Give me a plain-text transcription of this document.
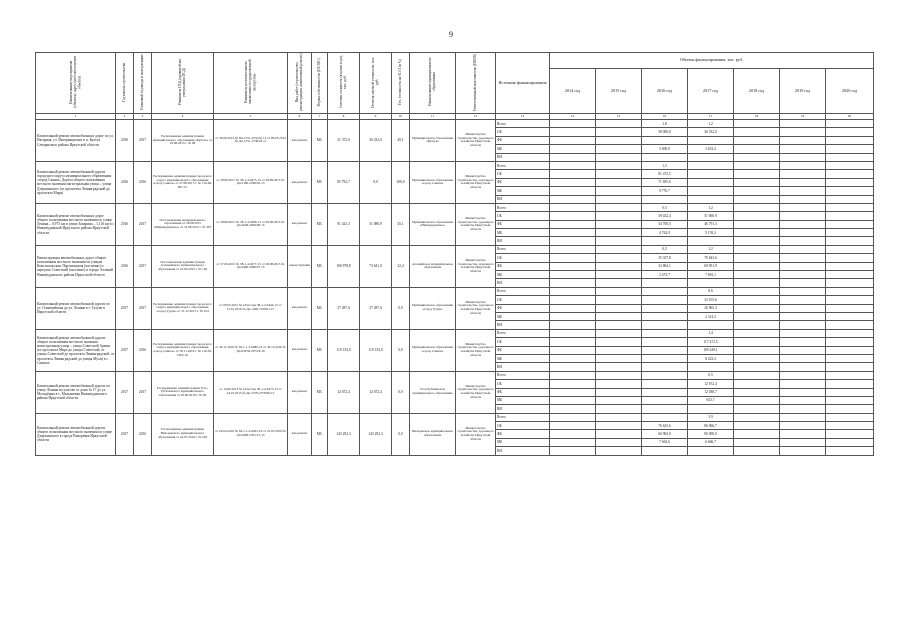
9
Наименование мероприятия (объекта), адрес (местоположение объекта)	Год начала строительства	Плановый год ввода в эксплуатацию	Реквизиты ПСД (правовой акт утверждения ПСД)	Реквизиты положительного заключения государственной экспертизы	Вид работ (строительство, реконструкция, капитальный ремонт)	Форма собственности (ОС/МС)	Сметная стоимость (в ценах года), тыс. руб.	Остаток сметной стоимости, тыс. руб.	Тех. готовность на 01.01 (в %)	Наименование муниципального образования	Ответственный исполнитель (ИОГВ)	Источник финансирования	Объемы финансирования, тыс. руб.						
													2014 год	2015 год	2016 год	2017 год	2018 год	2019 год	2020 год
1	2	3	4	5	6	7	8	9	10	11	12	13	14	15	16	17	18	19	20
Капитальный ремонт автомобильных дорог по ул. Нагорная, ул. Интернационал в п. Култук Слюдянского района Иркутской области	2016	2017	Распоряжение администрации муниципального образования «Култук» от 03.08.2015 г. № 68	от 30.06.2014 № Пп-1551-455(19) 14 от 09.05.2014 № Дп-1551-1530/02 от	кап.ремонт	МС	31 372,0	36 332,0	49,1	Муниципальное образование «Култук»	Министерство строительства, дорожного хозяйства Иркутской области	Всего			1,8	1,2			
												ОБ			38 000,0	36 332,0			
												ФБ							
												МБ			5 600,0	3 633,2			
												ВИ							
Капитальный ремонт автомобильной дороги городского округа муниципального образования «город Саянск» Дорога общего пользования местного значения магистральная улица – улица Дзержинского (от проспекта Ленинградский до проспекта Мира)	2016	2016	Распоряжение администрации городского округа муниципального образования «город Саянск» от 27.08.2015 г. № 110-48-697-15	от 28.08.2015 № 38-1-4-0475-15 от 28.09.2015 № Дп-2180-2348/02-15	кап.ремонт	МС	85 792,7	0,0	100,0	Муниципальное образование «город Саянск»	Министерство строительства, дорожного хозяйства Иркутской области	Всего			1,5				
												ОБ			81 472,5				
												ФБ			71 695,6				
												МБ			9 776,7				
												ВИ							
Капитальный ремонт автомобильных дорог общего пользования местного значения по улице Ленина – 0,975 км и улице Запарина – 1,116 км в г. Нижнеудинской Иркутского района Иркутской области	2016	2017	Постановление муниципального образования от 28.08.2015 «Нижнеудинское» от 31.08.2015 г. № 307	от 28.08.2015 № 38-1-4-0480-15 от 28.08.2015 № Дп-2636-2669/08-15	кап.ремонт	МС	91 423,3	51 080,9	45,1	Муниципальное образование «Нижнеудинское»	Министерство строительства, дорожного хозяйства Иркутской области	Всего			0,5	1,2			
												ОБ			39 432,4	51 060,9			
												ФБ			34 700,5	46 791,3			
												МБ			4 762,9	5 159,2			
												ВИ							
Реконструкция автомобильных дорог общего пользования местного значения по улицам Комсомольская, Партизанская (частично) и переулок Советский (частично) в городе Алзамай Нижнеудинского района Иркутской области	2016	2017	Постановление администрации Алзамайского муниципального образования от 23.09.2015 г. № 102	от 27.09.2015 № 38-1-4-0477-15 от 28.08.2015 № Дп-2660-2666/07-15	реконструкция	МС	106 978,8	73 641,0	32,4	Алзамайское муниципальное образование	Министерство строительства, дорожного хозяйства Иркутской области	Всего			0,5	1,2			
												ОБ			35 337,8	76 643,6			
												ФБ			32 864,1	69 951,9			
												МБ			2 473,7	7 692,1			
												ВИ							
Капитальный ремонт автомобильной дороги по ул. Олимпийская до ул. Ленина в г. Тулуне в Иркутской области	2017	2017	Распоряжение администрации городского округа муниципального образования «город Тулун» от 31.12.2015 г. № 324	от 09.05.2015 № в Реестре 38-1-4-0444-15 от 15.01.2016 № Дп-1490-1160/01-15	кап.ремонт	МС	27 287,6	27 287,6	0,0	Муниципальное образование «город Тулун»	Министерство строительства, дорожного хозяйства Иркутской области	Всего				8,6			
												ОБ				23 103,6			
												ФБ				20 965,3			
												МБ				2 314,3			
												ВИ							
Капитальный ремонт автомобильной дороги общего пользования местного значения магистральная улица – улица Советской Армии (от проспекта Мира до улицы Советской, от улицы Советской до проспекта Ленинградский, от проспекта Ленинградский до улицы Мухи) в г. Саянске	2017	2016	Распоряжение администрации городского округа муниципального образования «город Саянск» от 30.11.2016 г. № 110-36-1065-16	от 30.11.2016 № 38-1-1-3-0089-16 от 30.12.2016 № Дп-0307Б-2075/8-16	кап.ремонт	МС	119 154,0	119 154,0	0,0	Муниципальное образование «город Саянск»	Министерство строительства, дорожного хозяйства Иркутской области	Всего				1,4			
												ОБ				117 472,5			
												ФБ				109 249,1			
												МБ				8 223,2			
												ВИ							
Капитальный ремонт автомобильной дороги по улице Ленина на участке от дома № 17 до ул. Молодёжна в с. Малышевка Нижнеудинского района Иркутской области	2017	2017	Распоряжение администрации Усть-Рубахинского муниципального образования от 20.06.2016 г. № 60	от 14.06.2013 № в Реестре 38-1-4-0475-13 от 24.10.2013 № Дп-2379-2578/09-15	кап.ремонт	МС	12 672,4	12 672,4	0,0	Усть-Рубахинское муниципальное образование	Министерство строительства, дорожного хозяйства Иркутской области	Всего				0,5			
												ОБ				12 672,4			
												ФБ				12 038,7			
												МБ				633,7			
												ВИ							
Капитальный ремонт автомобильной дороги общего пользования местного значения по улице Дзержинского в городе Вихоревка Иркутской области	2017	2016	Распоряжение администрации Вихоревского муниципального образования от 24.07.2016 г. № 265	от 29.04.2016 № 38-1-1-2-0023-16 от 25.05.2016 № Дп-2900-2591/13-15	кап.ремонт	МС	143 292,3	143 292,3	0,0	Вихоревское муниципальное образование	Министерство строительства, дорожного хозяйства Иркутской области	Всего				3,9			
												ОБ			76 625,6	86 966,7			
												ФБ			66 963,0	80 000,0			
												МБ			7 662,6	6 666,7			
												ВИ							
